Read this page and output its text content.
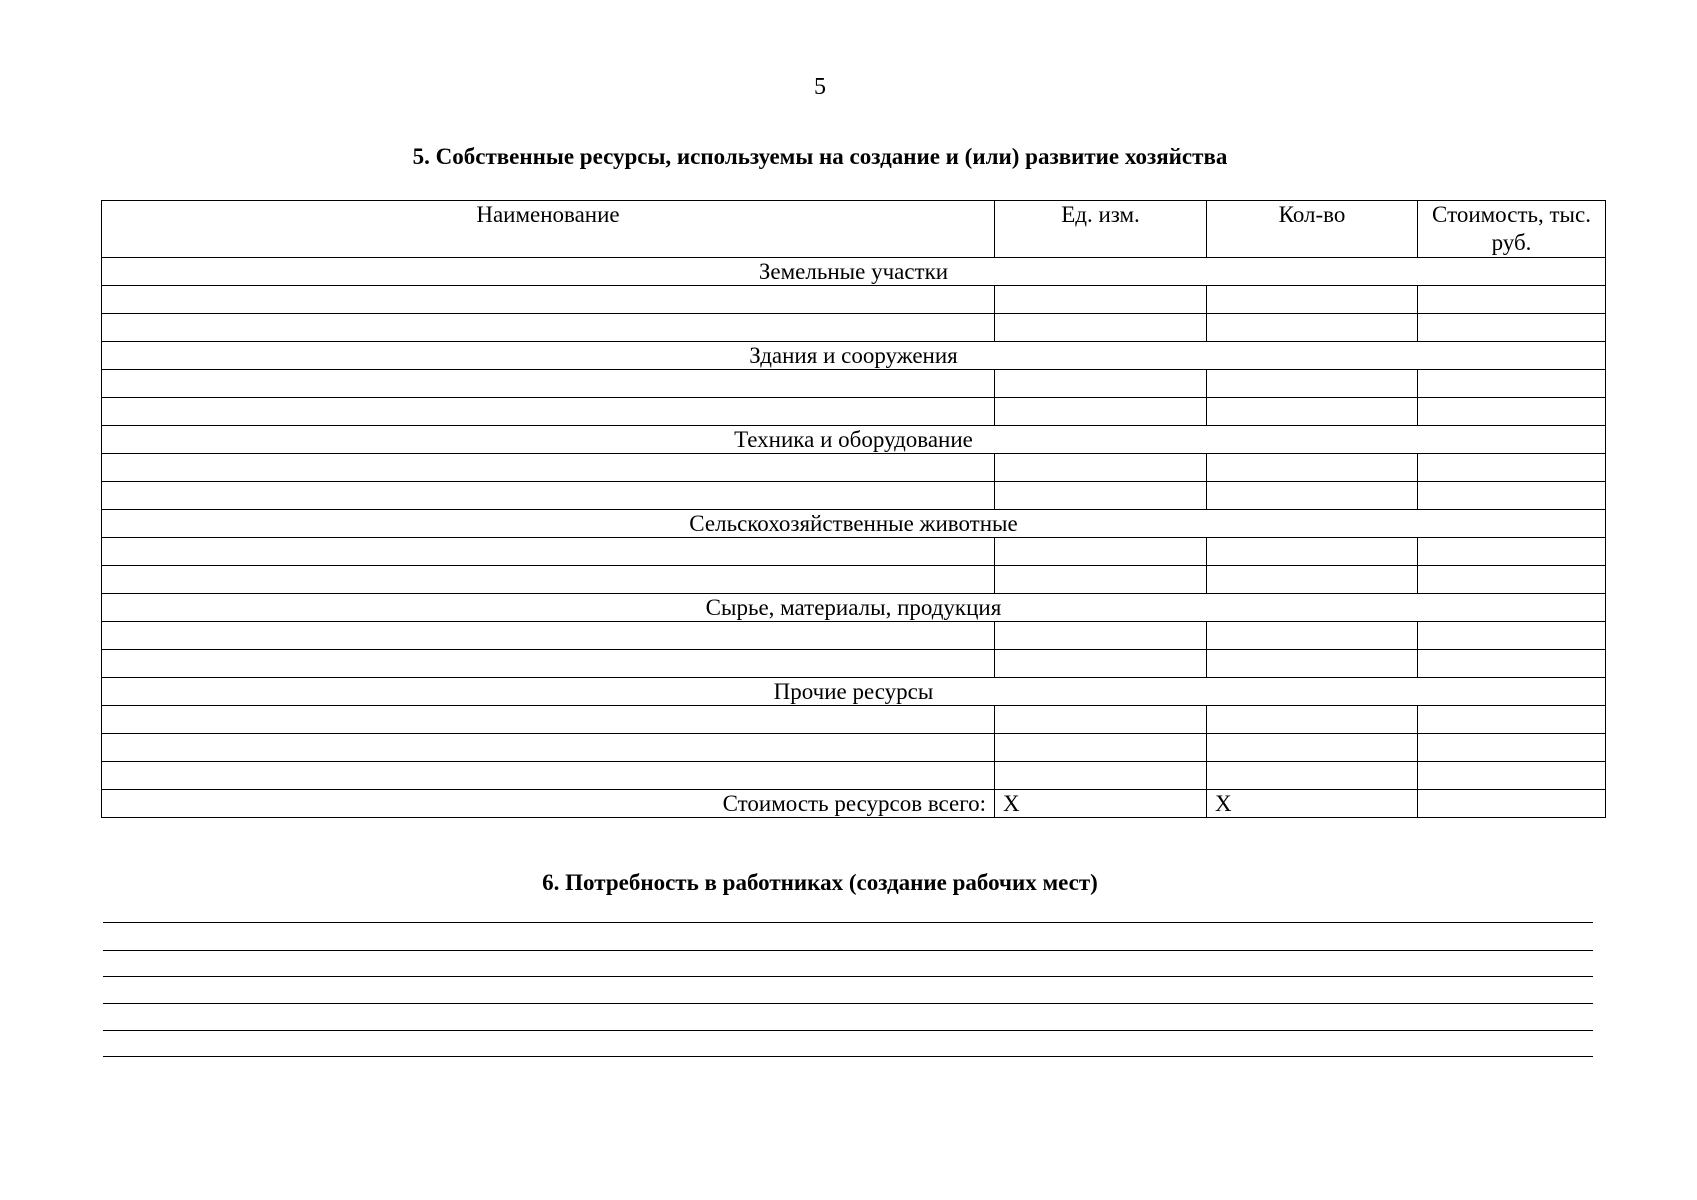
5
5. Собственные ресурсы, используемы на создание и (или) развитие хозяйства
Наименование	Ед. изм.	Кол-во	Стоимость, тыс. руб.
Земельные участки			

Здания и сооружения			

Техника и оборудование			

Сельскохозяйственные животные			

Сырье, материалы, продукция			

Прочие ресурсы			

Стоимость ресурсов всего:	X	X	
6. Потребность в работниках (создание рабочих мест)
